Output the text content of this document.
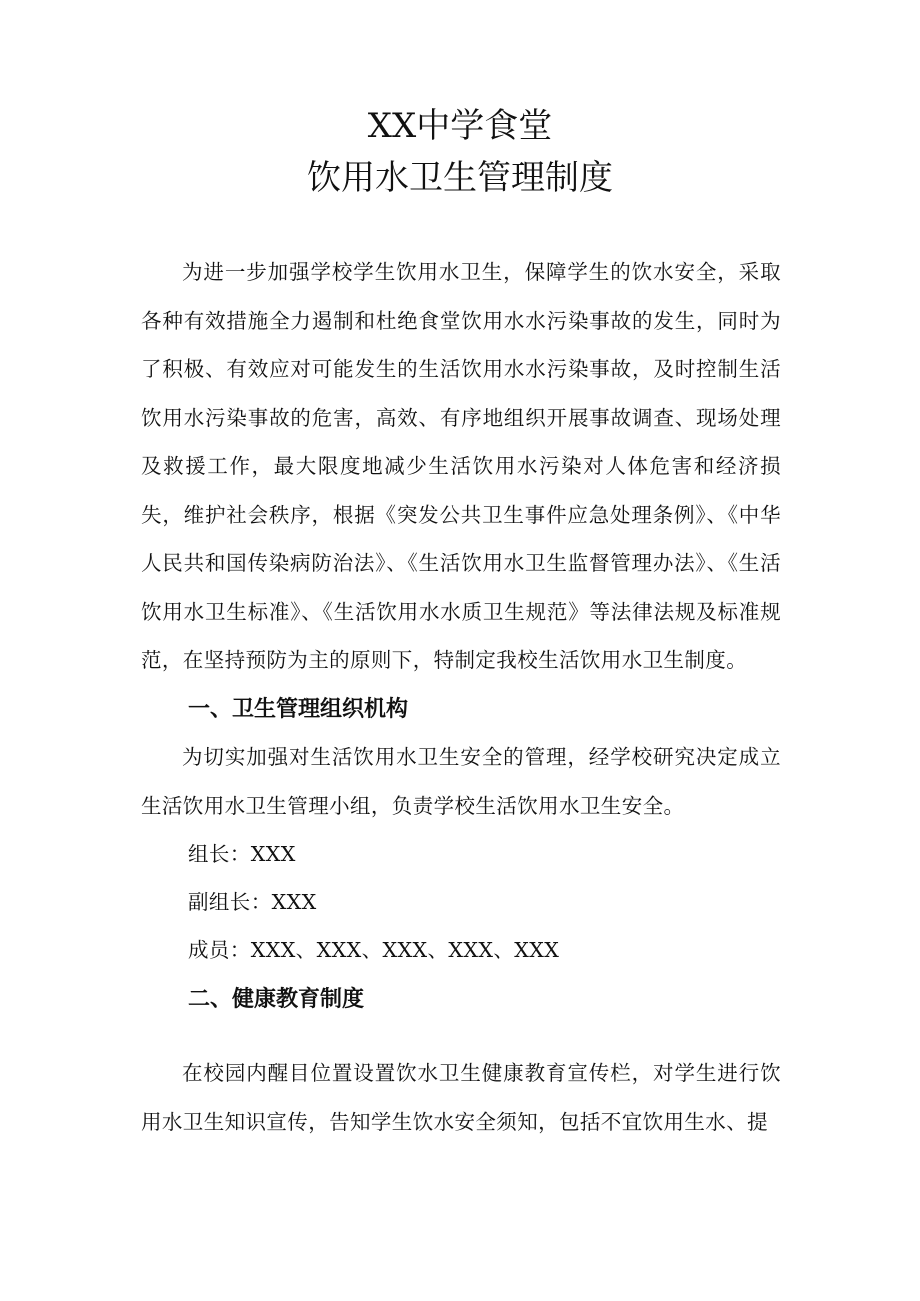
XX中学食堂
饮用水卫生管理制度

为进一步加强学校学生饮用水卫生，保障学生的饮水安全，采取各种有效措施全力遏制和杜绝食堂饮用水水污染事故的发生，同时为了积极、有效应对可能发生的生活饮用水水污染事故，及时控制生活饮用水污染事故的危害，高效、有序地组织开展事故调查、现场处理及救援工作，最大限度地减少生活饮用水污染对人体危害和经济损失，维护社会秩序，根据《突发公共卫生事件应急处理条例》、《中华人民共和国传染病防治法》、《生活饮用水卫生监督管理办法》、《生活饮用水卫生标准》、《生活饮用水水质卫生规范》等法律法规及标准规范，在坚持预防为主的原则下，特制定我校生活饮用水卫生制度。

一、卫生管理组织机构

为切实加强对生活饮用水卫生安全的管理，经学校研究决定成立生活饮用水卫生管理小组，负责学校生活饮用水卫生安全。

组长：XXX

副组长：XXX

成员：XXX、XXX、XXX、XXX、XXX

二、健康教育制度

在校园内醒目位置设置饮水卫生健康教育宣传栏，对学生进行饮用水卫生知识宣传，告知学生饮水安全须知，包括不宜饮用生水、提
